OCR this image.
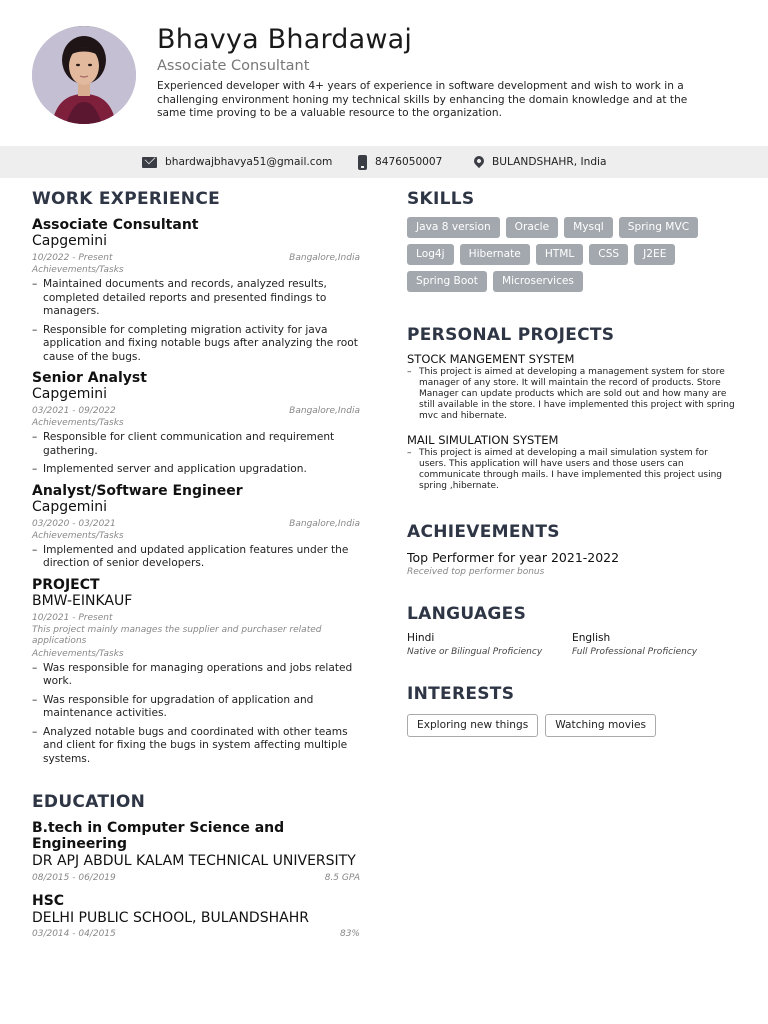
Bhavya Bhardawaj
Associate Consultant
Experienced developer with 4+ years of experience in software development and wish to work in a challenging environment honing my technical skills by enhancing the domain knowledge and at the same time proving to be a valuable resource to the organization.
bhardwajbhavya51@gmail.com	8476050007	BULANDSHAHR, India
WORK EXPERIENCE
Associate Consultant
Capgemini
10/2022 - Present	Bangalore,India
Achievements/Tasks
– Maintained documents and records, analyzed results, completed detailed reports and presented findings to managers.
– Responsible for completing migration activity for java application and fixing notable bugs after analyzing the root cause of the bugs.
Senior Analyst
Capgemini
03/2021 - 09/2022	Bangalore,India
Achievements/Tasks
– Responsible for client communication and requirement gathering.
– Implemented server and application upgradation.
Analyst/Software Engineer
Capgemini
03/2020 - 03/2021	Bangalore,India
Achievements/Tasks
– Implemented and updated application features under the direction of senior developers.
PROJECT
BMW-EINKAUF
10/2021 - Present
This project mainly manages the supplier and purchaser related applications
Achievements/Tasks
– Was responsible for managing operations and jobs related work.
– Was responsible for upgradation of application and maintenance activities.
– Analyzed notable bugs and coordinated with other teams and client for fixing the bugs in system affecting multiple systems.
EDUCATION
B.tech in Computer Science and Engineering
DR APJ ABDUL KALAM TECHNICAL UNIVERSITY
08/2015 - 06/2019	8.5 GPA
HSC
DELHI PUBLIC SCHOOL, BULANDSHAHR
03/2014 - 04/2015	83%
SKILLS
Java 8 version	Oracle	Mysql	Spring MVC
Log4j	Hibernate	HTML	CSS	J2EE
Spring Boot	Microservices
PERSONAL PROJECTS
STOCK MANGEMENT SYSTEM
– This project is aimed at developing a management system for store manager of any store. It will maintain the record of products. Store Manager can update products which are sold out and how many are still available in the store. I have implemented this project with spring mvc and hibernate.
MAIL SIMULATION SYSTEM
– This project is aimed at developing a mail simulation system for users. This application will have users and those users can communicate through mails. I have implemented this project using spring ,hibernate.
ACHIEVEMENTS
Top Performer for year 2021-2022
Received top performer bonus
LANGUAGES
Hindi
Native or Bilingual Proficiency
English
Full Professional Proficiency
INTERESTS
Exploring new things	Watching movies
